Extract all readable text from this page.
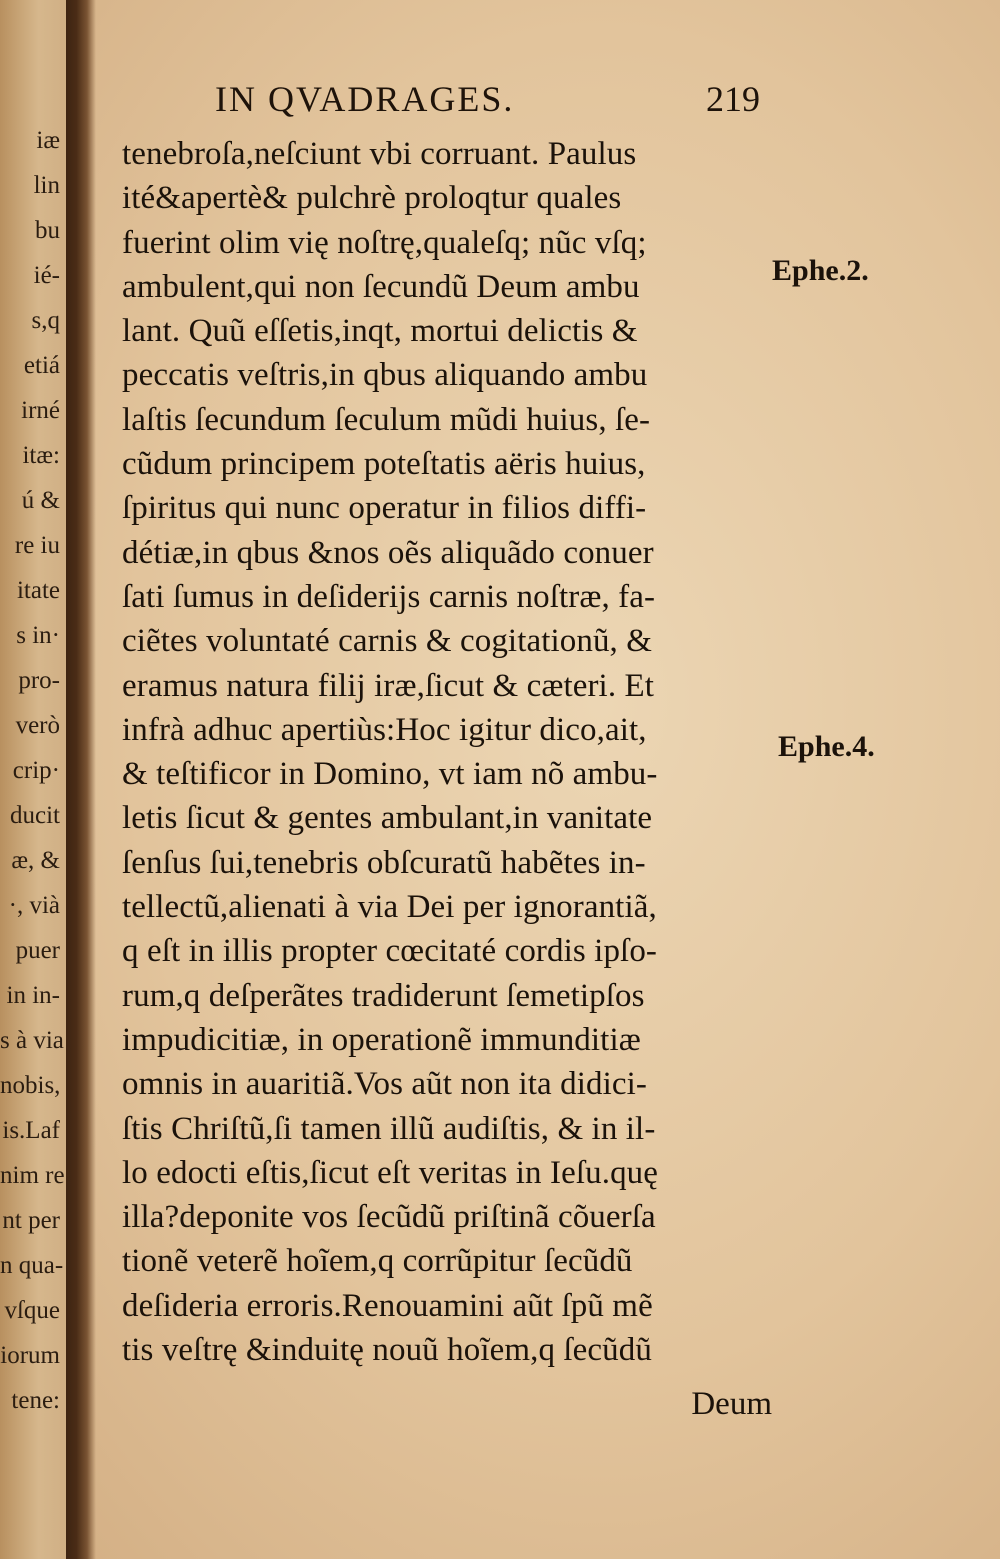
iæ
lin
bu
ié-
s,q
etiá
irné
itæ:
ú &
re iu
itate
s in·
pro-
verò
crip·
ducit
æ, &
·, vià
puer
in in-
s à via
nobis,
is.Laf
nim re
nt per
n qua-
vſque
iorum
tene:
IN QVADRAGES.	219
tenebroſa,neſciunt vbi corruant. Paulus
ité&apertè& pulchrè proloqtur quales
fuerint olim vię noſtrę,qualeſq; nũc vſq;
ambulent,qui non ſecundũ Deum ambu
lant. Quũ eſſetis,inqt, mortui delictis &
peccatis veſtris,in qbus aliquando ambu
laſtis ſecundum ſeculum mũdi huius, ſe-
cũdum principem poteſtatis aëris huius,
ſpiritus qui nunc operatur in filios diffi-
détiæ,in qbus &nos oẽs aliquãdo conuer
ſati ſumus in deſiderijs carnis noſtræ, fa-
ciẽtes voluntaté carnis & cogitationũ, &
eramus natura filij iræ,ſicut & cæteri. Et
infrà adhuc apertiùs:Hoc igitur dico,ait,
& teſtificor in Domino, vt iam nõ ambu-
letis ſicut & gentes ambulant,in vanitate
ſenſus ſui,tenebris obſcuratũ habẽtes in-
tellectũ,alienati à via Dei per ignorantiã,
q eſt in illis propter cœcitaté cordis ipſo-
rum,q deſperãtes tradiderunt ſemetipſos
impudicitiæ, in operationẽ immunditiæ
omnis in auaritiã.Vos aũt non ita didici-
ſtis Chriſtũ,ſi tamen illũ audiſtis, & in il-
lo edocti eſtis,ſicut eſt veritas in Ieſu.quę
illa?deponite vos ſecũdũ priſtinã cõuerſa
tionẽ veterẽ hoĩem,q corrũpitur ſecũdũ
deſideria erroris.Renouamini aũt ſpũ mẽ
tis veſtrę &induitę nouũ hoĩem,q ſecũdũ
Deum
Ephe.2.
Ephe.4.
